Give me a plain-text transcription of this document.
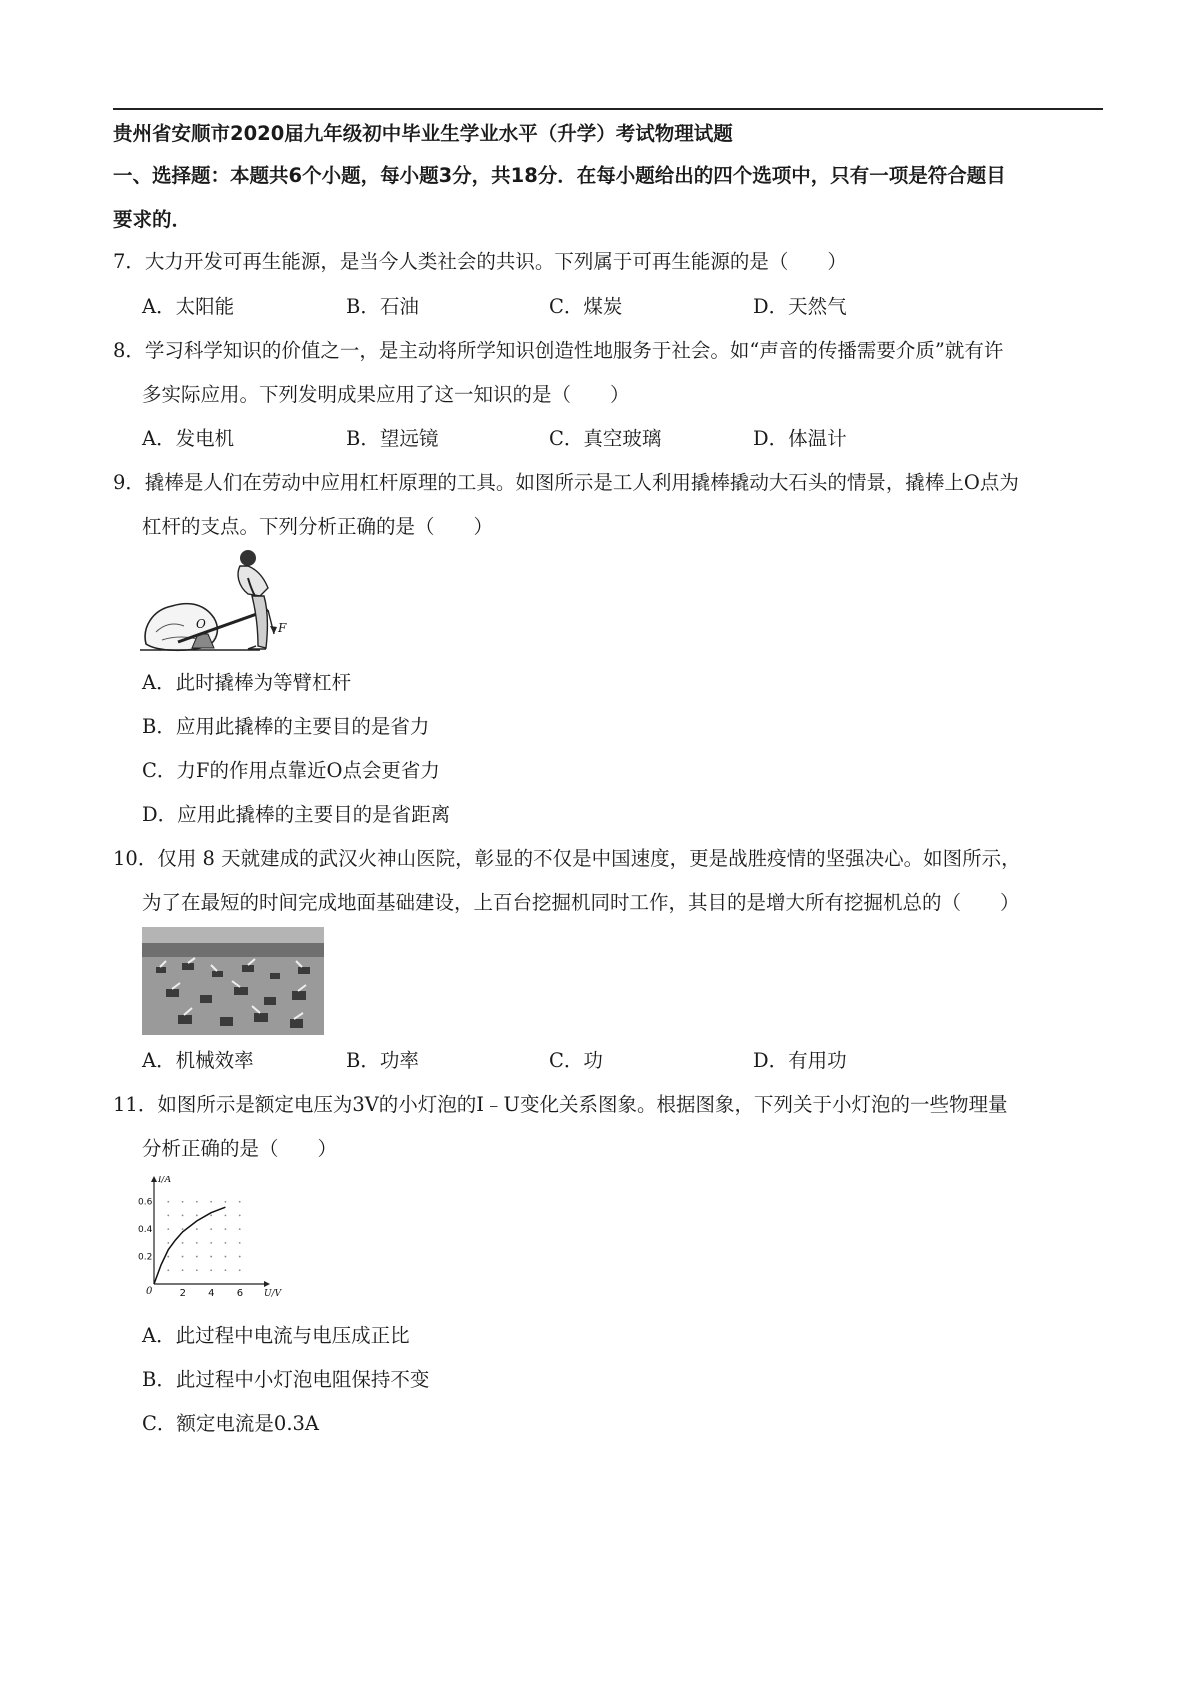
贵州省安顺市2020届九年级初中毕业生学业水平（升学）考试物理试题
一、选择题：本题共6个小题，每小题3分，共18分．在每小题给出的四个选项中，只有一项是符合题目
要求的．
7．大力开发可再生能源，是当今人类社会的共识。下列属于可再生能源的是（　　）
A．太阳能	B．石油	C．煤炭	D．天然气
8．学习科学知识的价值之一，是主动将所学知识创造性地服务于社会。如“声音的传播需要介质”就有许
多实际应用。下列发明成果应用了这一知识的是（　　）
A．发电机	B．望远镜	C．真空玻璃	D．体温计
9．撬棒是人们在劳动中应用杠杆原理的工具。如图所示是工人利用撬棒撬动大石头的情景，撬棒上O点为
杠杆的支点。下列分析正确的是（　　）
O	F
A．此时撬棒为等臂杠杆
B．应用此撬棒的主要目的是省力
C．力F的作用点靠近O点会更省力
D．应用此撬棒的主要目的是省距离
10．仅用 8 天就建成的武汉火神山医院，彰显的不仅是中国速度，更是战胜疫情的坚强决心。如图所示，
为了在最短的时间完成地面基础建设，上百台挖掘机同时工作，其目的是增大所有挖掘机总的（　　）
A．机械效率	B．功率	C．功	D．有用功
11．如图所示是额定电压为3V的小灯泡的I﹣U变化关系图象。根据图象，下列关于小灯泡的一些物理量
分析正确的是（　　）
2 4 6
0.6
0.4
0.2
0
I/A
U/V
A．此过程中电流与电压成正比
B．此过程中小灯泡电阻保持不变
C．额定电流是0.3A
